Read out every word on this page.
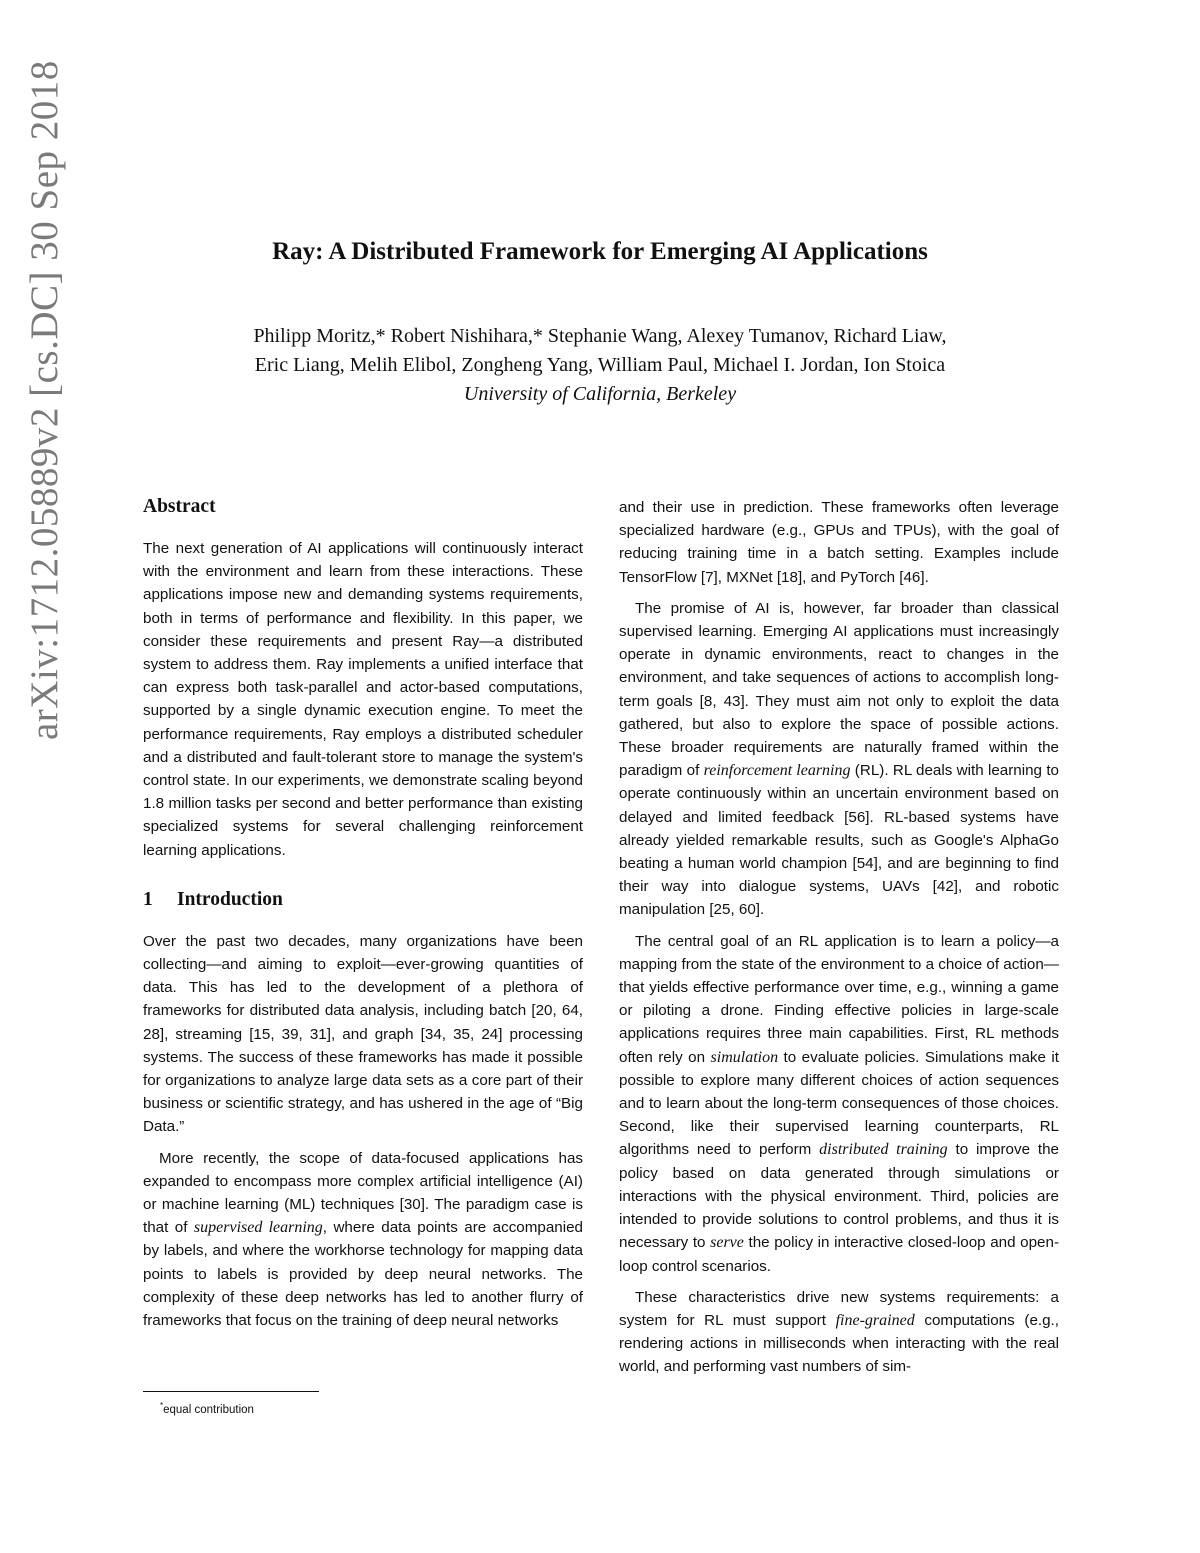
arXiv:1712.05889v2 [cs.DC] 30 Sep 2018	Ray: A Distributed Framework for Emerging AI Applications
Philipp Moritz,* Robert Nishihara,* Stephanie Wang, Alexey Tumanov, Richard Liaw,
Eric Liang, Melih Elibol, Zongheng Yang, William Paul, Michael I. Jordan, Ion Stoica
University of California, Berkeley
Abstract

The next generation of AI applications will continuously interact with the environment and learn from these interactions. These applications impose new and demanding systems requirements, both in terms of performance and flexibility. In this paper, we consider these requirements and present Ray—a distributed system to address them. Ray implements a unified interface that can express both task-parallel and actor-based computations, supported by a single dynamic execution engine. To meet the performance requirements, Ray employs a distributed scheduler and a distributed and fault-tolerant store to manage the system's control state. In our experiments, we demonstrate scaling beyond 1.8 million tasks per second and better performance than existing specialized systems for several challenging reinforcement learning applications.

1 Introduction

Over the past two decades, many organizations have been collecting—and aiming to exploit—ever-growing quantities of data. This has led to the development of a plethora of frameworks for distributed data analysis, including batch [20, 64, 28], streaming [15, 39, 31], and graph [34, 35, 24] processing systems. The success of these frameworks has made it possible for organizations to analyze large data sets as a core part of their business or scientific strategy, and has ushered in the age of “Big Data.”

More recently, the scope of data-focused applications has expanded to encompass more complex artificial intelligence (AI) or machine learning (ML) techniques [30]. The paradigm case is that of supervised learning, where data points are accompanied by labels, and where the workhorse technology for mapping data points to labels is provided by deep neural networks. The complexity of these deep networks has led to another flurry of frameworks that focus on the training of deep neural networks

and their use in prediction. These frameworks often leverage specialized hardware (e.g., GPUs and TPUs), with the goal of reducing training time in a batch setting. Examples include TensorFlow [7], MXNet [18], and PyTorch [46].

The promise of AI is, however, far broader than classical supervised learning. Emerging AI applications must increasingly operate in dynamic environments, react to changes in the environment, and take sequences of actions to accomplish long-term goals [8, 43]. They must aim not only to exploit the data gathered, but also to explore the space of possible actions. These broader requirements are naturally framed within the paradigm of reinforcement learning (RL). RL deals with learning to operate continuously within an uncertain environment based on delayed and limited feedback [56]. RL-based systems have already yielded remarkable results, such as Google's AlphaGo beating a human world champion [54], and are beginning to find their way into dialogue systems, UAVs [42], and robotic manipulation [25, 60].

The central goal of an RL application is to learn a policy—a mapping from the state of the environment to a choice of action—that yields effective performance over time, e.g., winning a game or piloting a drone. Finding effective policies in large-scale applications requires three main capabilities. First, RL methods often rely on simulation to evaluate policies. Simulations make it possible to explore many different choices of action sequences and to learn about the long-term consequences of those choices. Second, like their supervised learning counterparts, RL algorithms need to perform distributed training to improve the policy based on data generated through simulations or interactions with the physical environment. Third, policies are intended to provide solutions to control problems, and thus it is necessary to serve the policy in interactive closed-loop and open-loop control scenarios.

These characteristics drive new systems requirements: a system for RL must support fine-grained computations (e.g., rendering actions in milliseconds when interacting with the real world, and performing vast numbers of sim-

*equal contribution
